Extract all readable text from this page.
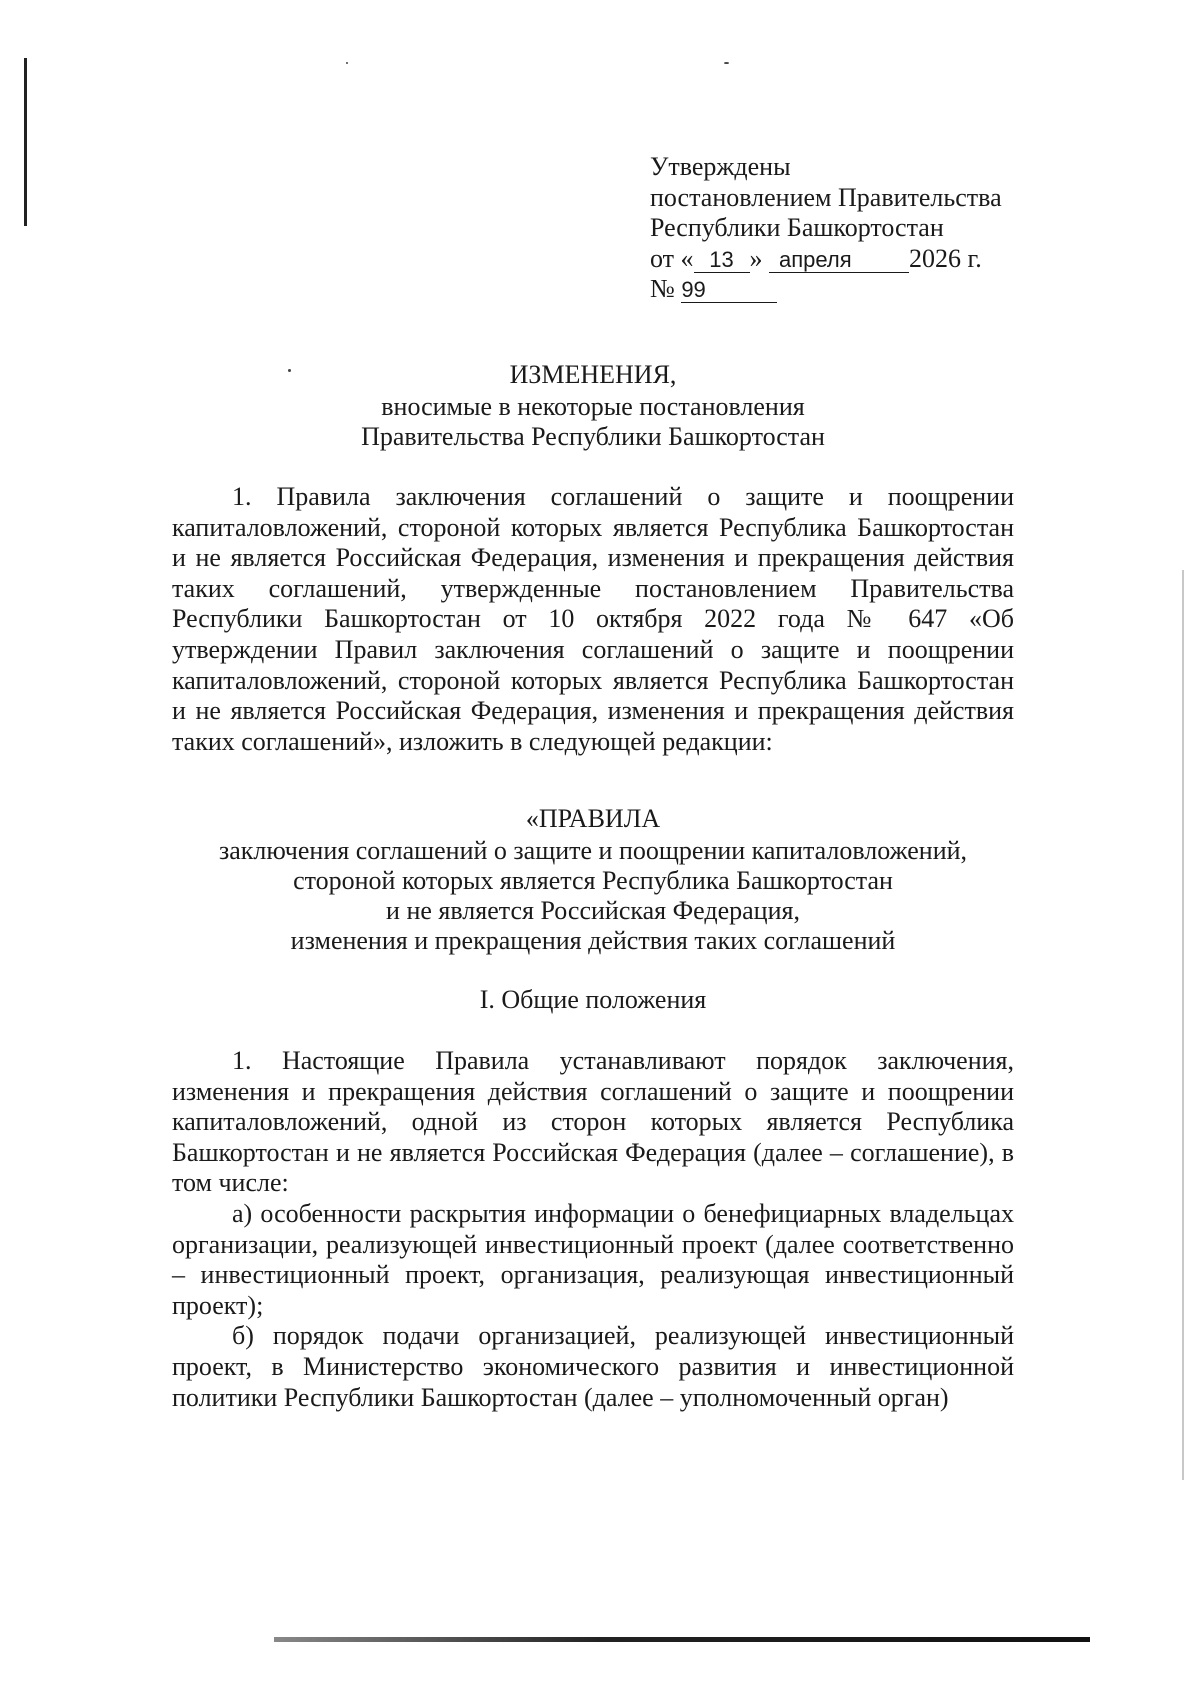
Утверждены
постановлением Правительства
Республики Башкортостан
от « 13 » апреля 2026 г.
№ 99
ИЗМЕНЕНИЯ,
вносимые в некоторые постановления
Правительства Республики Башкортостан

1. Правила заключения соглашений о защите и поощрении капиталовложений, стороной которых является Республика Башкортостан и не является Российская Федерация, изменения и прекращения действия таких соглашений, утвержденные постановлением Правительства Республики Башкортостан от 10 октября 2022 года № 647 «Об утверждении Правил заключения соглашений о защите и поощрении капиталовложений, стороной которых является Республика Башкортостан и не является Российская Федерация, изменения и прекращения действия таких соглашений», изложить в следующей редакции:

«ПРАВИЛА
заключения соглашений о защите и поощрении капиталовложений,
стороной которых является Республика Башкортостан
и не является Российская Федерация,
изменения и прекращения действия таких соглашений
I. Общие положения

1. Настоящие Правила устанавливают порядок заключения, изменения и прекращения действия соглашений о защите и поощрении капиталовложений, одной из сторон которых является Республика Башкортостан и не является Российская Федерация (далее – соглашение), в том числе:

а) особенности раскрытия информации о бенефициарных владельцах организации, реализующей инвестиционный проект (далее соответственно – инвестиционный проект, организация, реализующая инвестиционный проект);

б) порядок подачи организацией, реализующей инвестиционный проект, в Министерство экономического развития и инвестиционной политики Республики Башкортостан (далее – уполномоченный орган)
